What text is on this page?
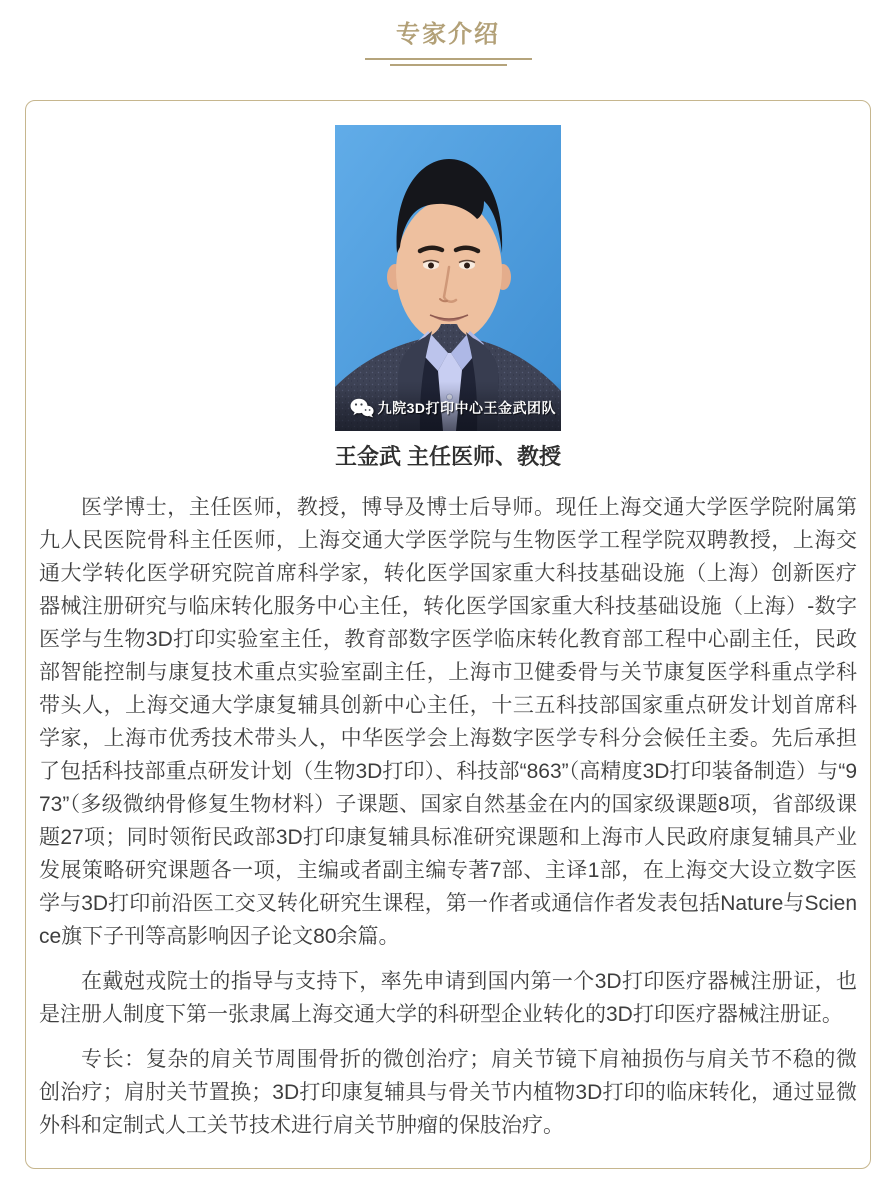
专家介绍
九院3D打印中心王金武团队
王金武 主任医师、教授

医学博士，主任医师，教授，博导及博士后导师。现任上海交通大学医学院附属第九人民医院骨科主任医师，上海交通大学医学院与生物医学工程学院双聘教授，上海交通大学转化医学研究院首席科学家，转化医学国家重大科技基础设施（上海）创新医疗器械注册研究与临床转化服务中心主任，转化医学国家重大科技基础设施（上海）-数字医学与生物3D打印实验室主任，教育部数字医学临床转化教育部工程中心副主任，民政部智能控制与康复技术重点实验室副主任，上海市卫健委骨与关节康复医学科重点学科带头人，上海交通大学康复辅具创新中心主任，十三五科技部国家重点研发计划首席科学家，上海市优秀技术带头人，中华医学会上海数字医学专科分会候任主委。先后承担了包括科技部重点研发计划（生物3D打印）、科技部“863”（高精度3D打印装备制造）与“973”（多级微纳骨修复生物材料）子课题、国家自然基金在内的国家级课题8项，省部级课题27项；同时领衔民政部3D打印康复辅具标准研究课题和上海市人民政府康复辅具产业发展策略研究课题各一项，主编或者副主编专著7部、主译1部，在上海交大设立数字医学与3D打印前沿医工交叉转化研究生课程，第一作者或通信作者发表包括Nature与Science旗下子刊等高影响因子论文80余篇。

在戴尅戎院士的指导与支持下，率先申请到国内第一个3D打印医疗器械注册证，也是注册人制度下第一张隶属上海交通大学的科研型企业转化的3D打印医疗器械注册证。

专长：复杂的肩关节周围骨折的微创治疗；肩关节镜下肩袖损伤与肩关节不稳的微创治疗；肩肘关节置换；3D打印康复辅具与骨关节内植物3D打印的临床转化，通过显微外科和定制式人工关节技术进行肩关节肿瘤的保肢治疗。
